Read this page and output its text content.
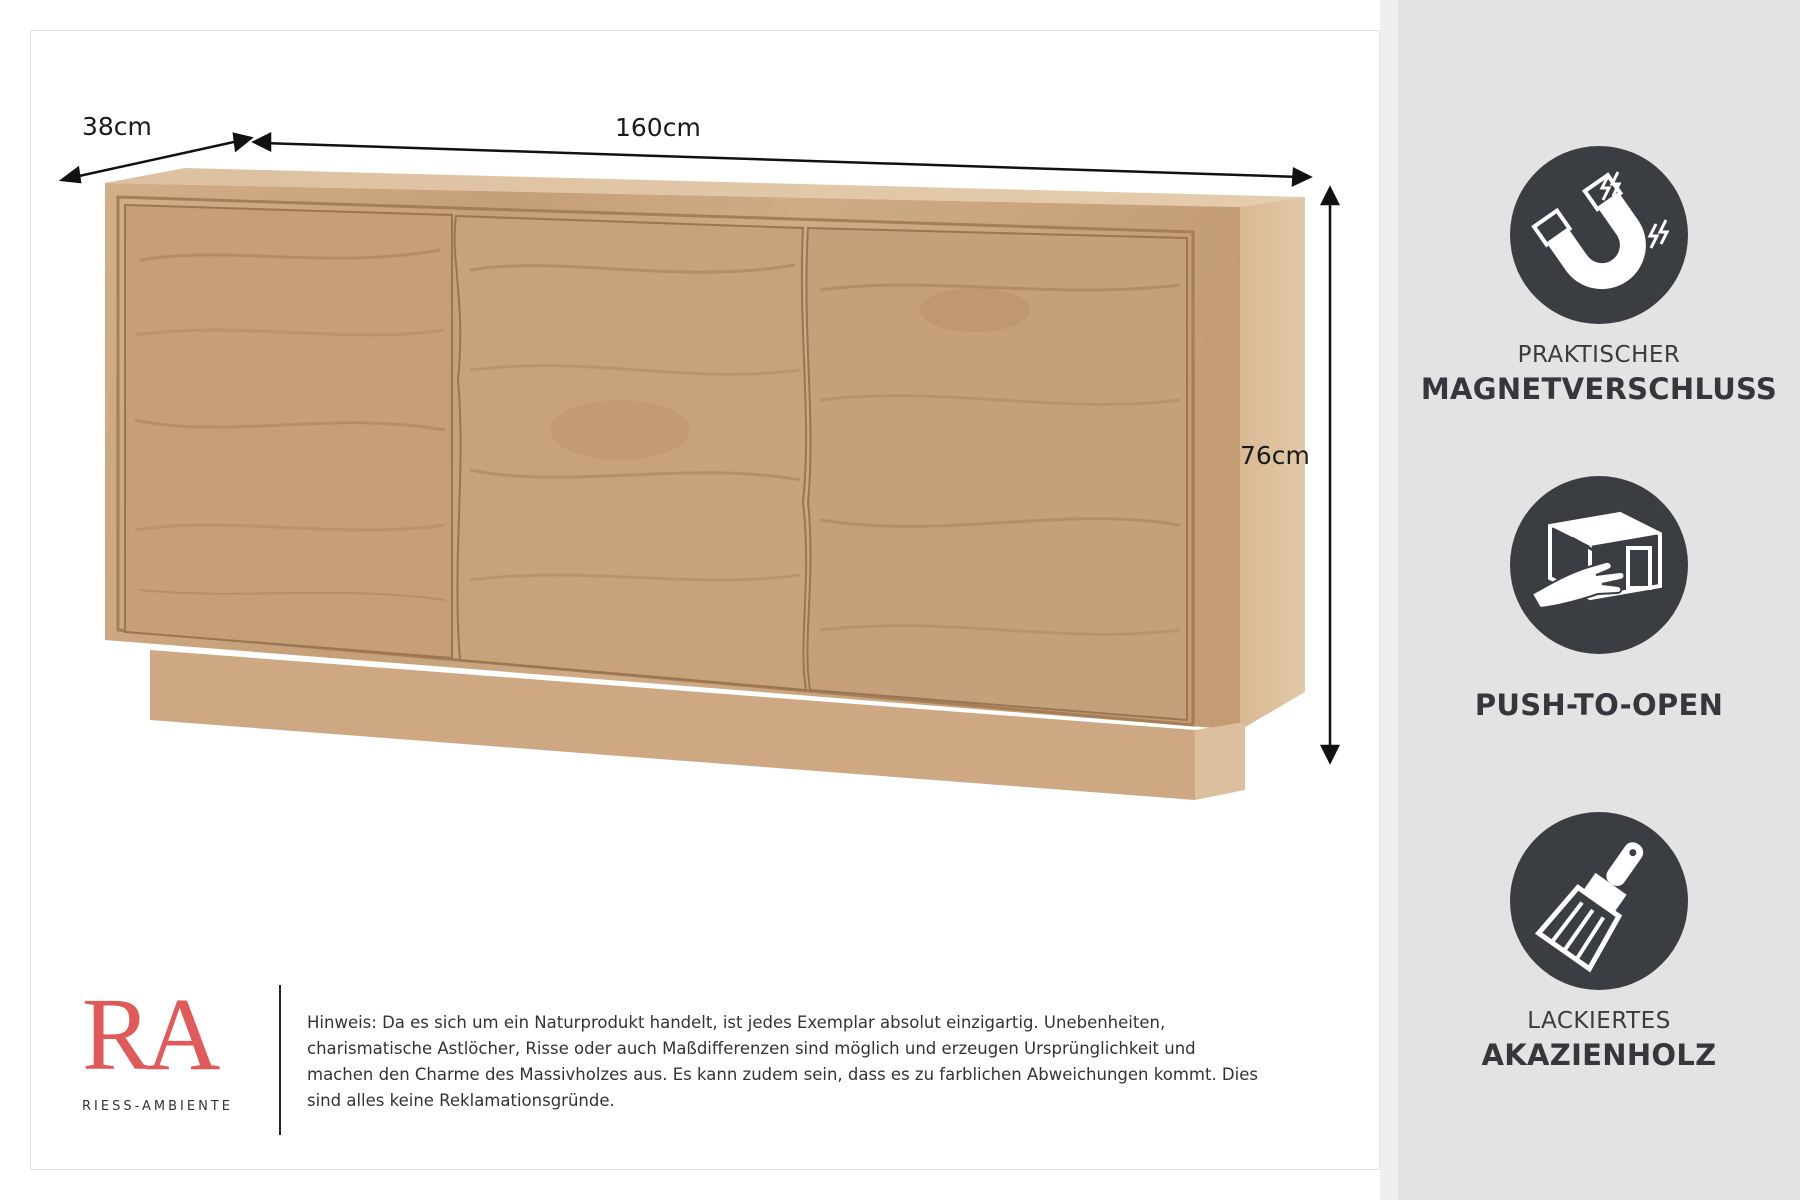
38cm	160cm
76cm
RA
RIESS-AMBIENTE
Hinweis: Da es sich um ein Naturprodukt handelt, ist jedes Exemplar absolut einzigartig. Unebenheiten, charismatische Astlöcher, Risse oder auch Maßdifferenzen sind möglich und erzeugen Ursprünglichkeit und machen den Charme des Massivholzes aus. Es kann zudem sein, dass es zu farblichen Abweichungen kommt. Dies sind alles keine Reklamationsgründe.
PRAKTISCHER
MAGNETVERSCHLUSS
PUSH-TO-OPEN
LACKIERTES
AKAZIENHOLZ
